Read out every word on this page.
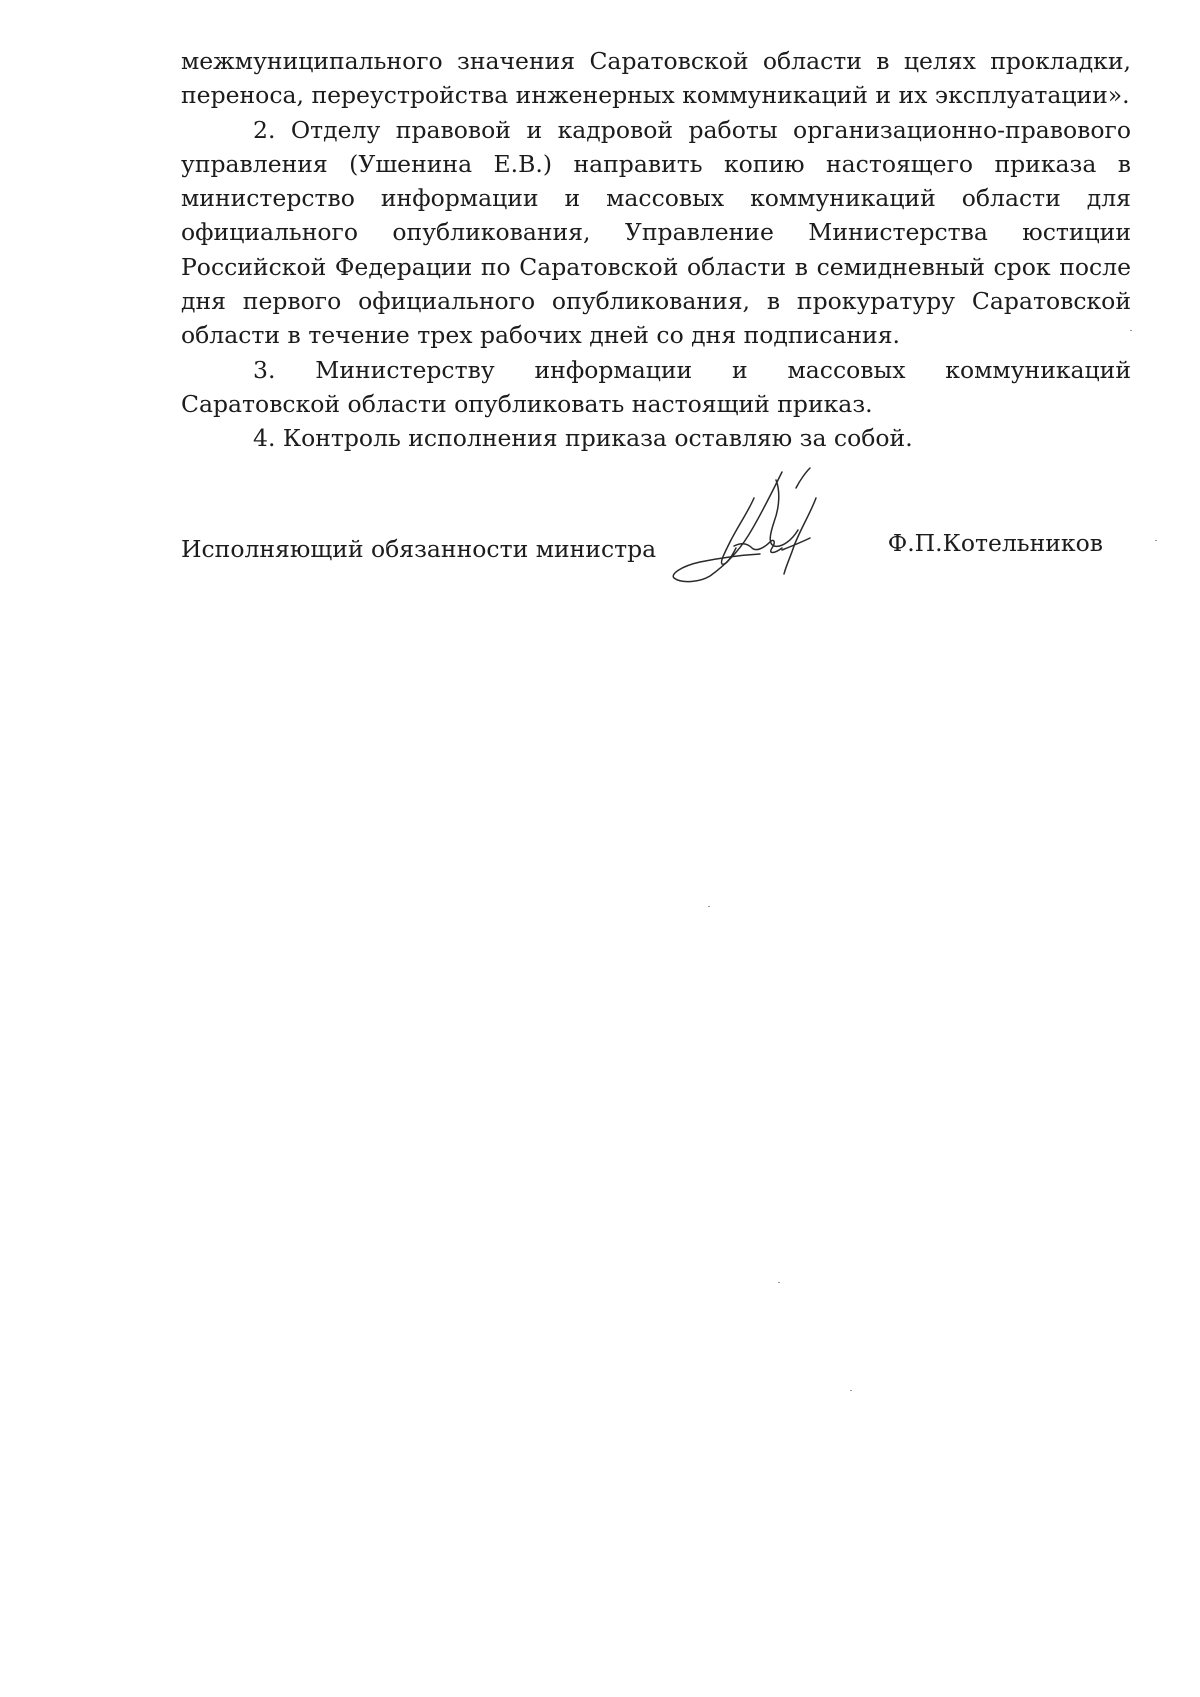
межмуниципального значения Саратовской области в целях прокладки, переноса, переустройства инженерных коммуникаций и их эксплуатации».

2. Отделу правовой и кадровой работы организационно-правового управления (Ушенина Е.В.) направить копию настоящего приказа в министерство информации и массовых коммуникаций области для официального опубликования, Управление Министерства юстиции Российской Федерации по Саратовской области в семидневный срок после дня первого официального опубликования, в прокуратуру Саратовской области в течение трех рабочих дней со дня подписания.

3. Министерству информации и массовых коммуникаций Саратовской области опубликовать настоящий приказ.

4. Контроль исполнения приказа оставляю за собой.

Исполняющий обязанности министра	Ф.П.Котельников
